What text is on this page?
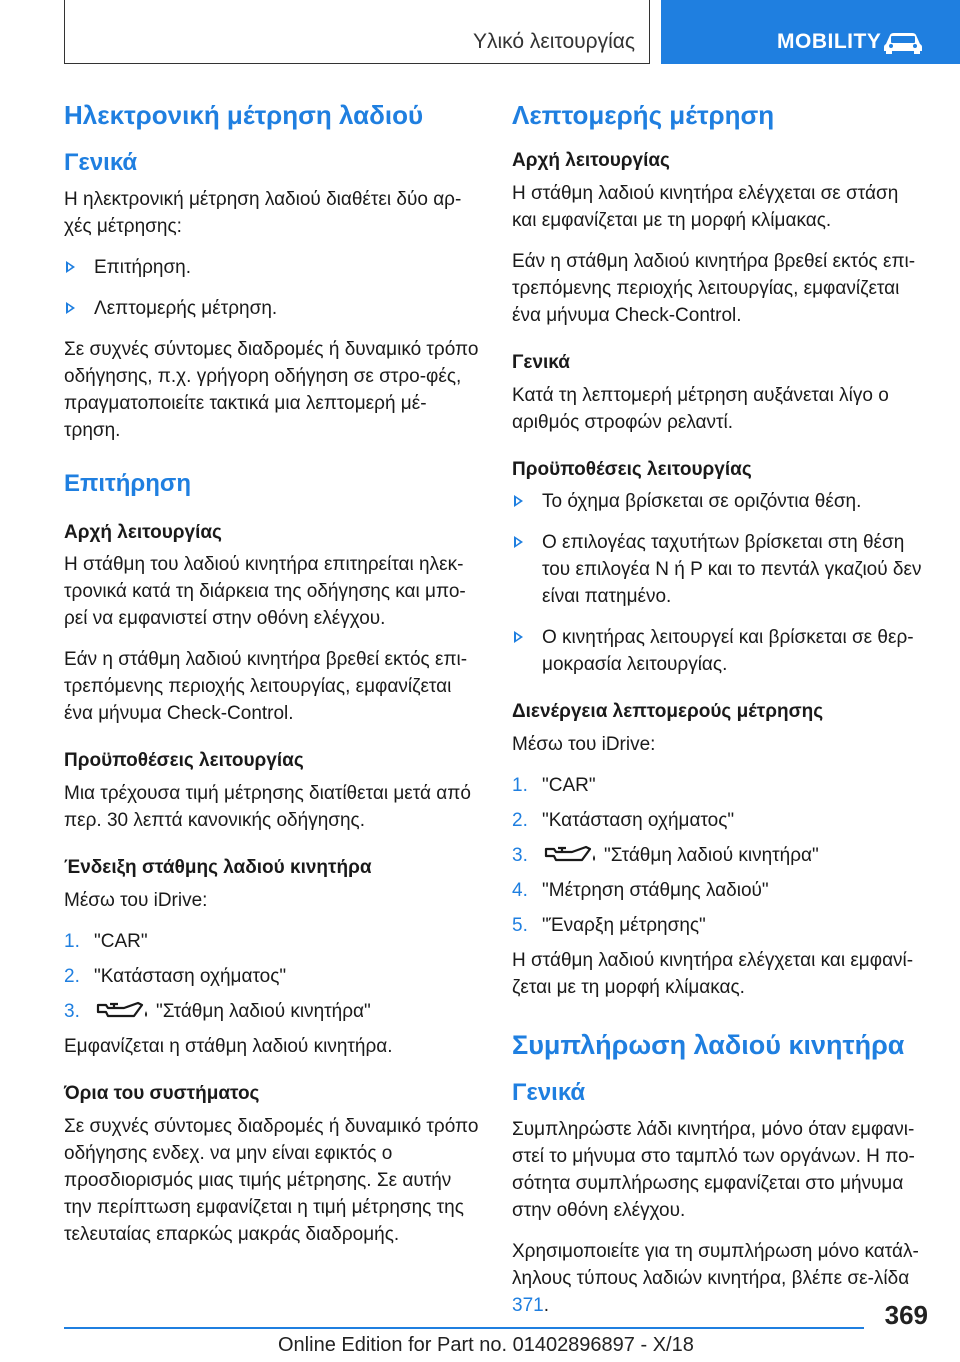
Υλικό λειτουργίας	MOBILITY
Ηλεκτρονική μέτρηση λαδιού
Γενικά

Η ηλεκτρονική μέτρηση λαδιού διαθέτει δύο αρ-χές μέτρησης:

Επιτήρηση.
Λεπτομερής μέτρηση.

Σε συχνές σύντομες διαδρομές ή δυναμικό τρόπο οδήγησης, π.χ. γρήγορη οδήγηση σε στρο-φές, πραγματοποιείτε τακτικά μια λεπτομερή μέ-τρηση.

Επιτήρηση
Αρχή λειτουργίας

Η στάθμη του λαδιού κινητήρα επιτηρείται ηλεκ-τρονικά κατά τη διάρκεια της οδήγησης και μπο-ρεί να εμφανιστεί στην οθόνη ελέγχου.

Εάν η στάθμη λαδιού κινητήρα βρεθεί εκτός επι-τρεπόμενης περιοχής λειτουργίας, εμφανίζεται ένα μήνυμα Check-Control.

Προϋποθέσεις λειτουργίας

Μια τρέχουσα τιμή μέτρησης διατίθεται μετά από περ. 30 λεπτά κανονικής οδήγησης.

Ένδειξη στάθμης λαδιού κινητήρα

Μέσω του iDrive:

1. "CAR"
2. "Κατάσταση οχήματος"
3.	"Στάθμη λαδιού κινητήρα"

Εμφανίζεται η στάθμη λαδιού κινητήρα.

Όρια του συστήματος

Σε συχνές σύντομες διαδρομές ή δυναμικό τρόπο οδήγησης ενδεχ. να μην είναι εφικτός ο προσδιορισμός μιας τιμής μέτρησης. Σε αυτήν την περίπτωση εμφανίζεται η τιμή μέτρησης της τελευταίας επαρκώς μακράς διαδρομής.

Λεπτομερής μέτρηση
Αρχή λειτουργίας

Η στάθμη λαδιού κινητήρα ελέγχεται σε στάση και εμφανίζεται με τη μορφή κλίμακας.

Εάν η στάθμη λαδιού κινητήρα βρεθεί εκτός επι-τρεπόμενης περιοχής λειτουργίας, εμφανίζεται ένα μήνυμα Check-Control.

Γενικά

Κατά τη λεπτομερή μέτρηση αυξάνεται λίγο ο αριθμός στροφών ρελαντί.

Προϋποθέσεις λειτουργίας
Το όχημα βρίσκεται σε οριζόντια θέση.
Ο επιλογέας ταχυτήτων βρίσκεται στη θέση του επιλογέα N ή P και το πεντάλ γκαζιού δεν είναι πατημένο.
Ο κινητήρας λειτουργεί και βρίσκεται σε θερ-μοκρασία λειτουργίας.
Διενέργεια λεπτομερούς μέτρησης

Μέσω του iDrive:

1. "CAR"
2. "Κατάσταση οχήματος"
3.	"Στάθμη λαδιού κινητήρα"
4. "Μέτρηση στάθμης λαδιού"
5. "Έναρξη μέτρησης"

Η στάθμη λαδιού κινητήρα ελέγχεται και εμφανί-ζεται με τη μορφή κλίμακας.

Συμπλήρωση λαδιού κινητήρα
Γενικά

Συμπληρώστε λάδι κινητήρα, μόνο όταν εμφανι-στεί το μήνυμα στο ταμπλό των οργάνων. Η πο-σότητα συμπλήρωσης εμφανίζεται στο μήνυμα στην οθόνη ελέγχου.

Χρησιμοποιείτε για τη συμπλήρωση μόνο κατάλ-ληλους τύπους λαδιών κινητήρα, βλέπε σε-λίδα 371.	369
Online Edition for Part no. 01402896897 - X/18
